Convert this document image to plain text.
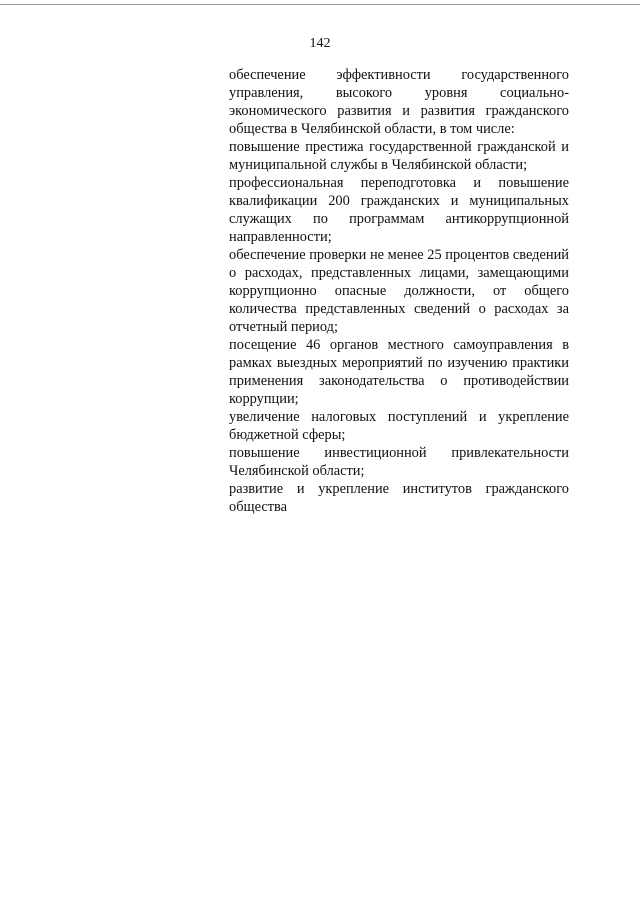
142

обеспечение эффективности государственного управления, высокого уровня социально-экономического развития и развития гражданского общества в Челябинской области, в том числе:

повышение престижа государственной гражданской и муниципальной службы в Челябинской области;

профессиональная переподготовка и повышение квалификации 200 гражданских и муниципальных служащих по программам антикоррупционной направленности;

обеспечение проверки не менее 25 процентов сведений о расходах, представленных лицами, замещающими коррупционно опасные должности, от общего количества представленных сведений о расходах за отчетный период;

посещение 46 органов местного самоуправления в рамках выездных мероприятий по изучению практики применения законодательства о противодействии коррупции;

увеличение налоговых поступлений и укрепление бюджетной сферы;

повышение инвестиционной привлекательности Челябинской области;

развитие и укрепление институтов гражданского общества
